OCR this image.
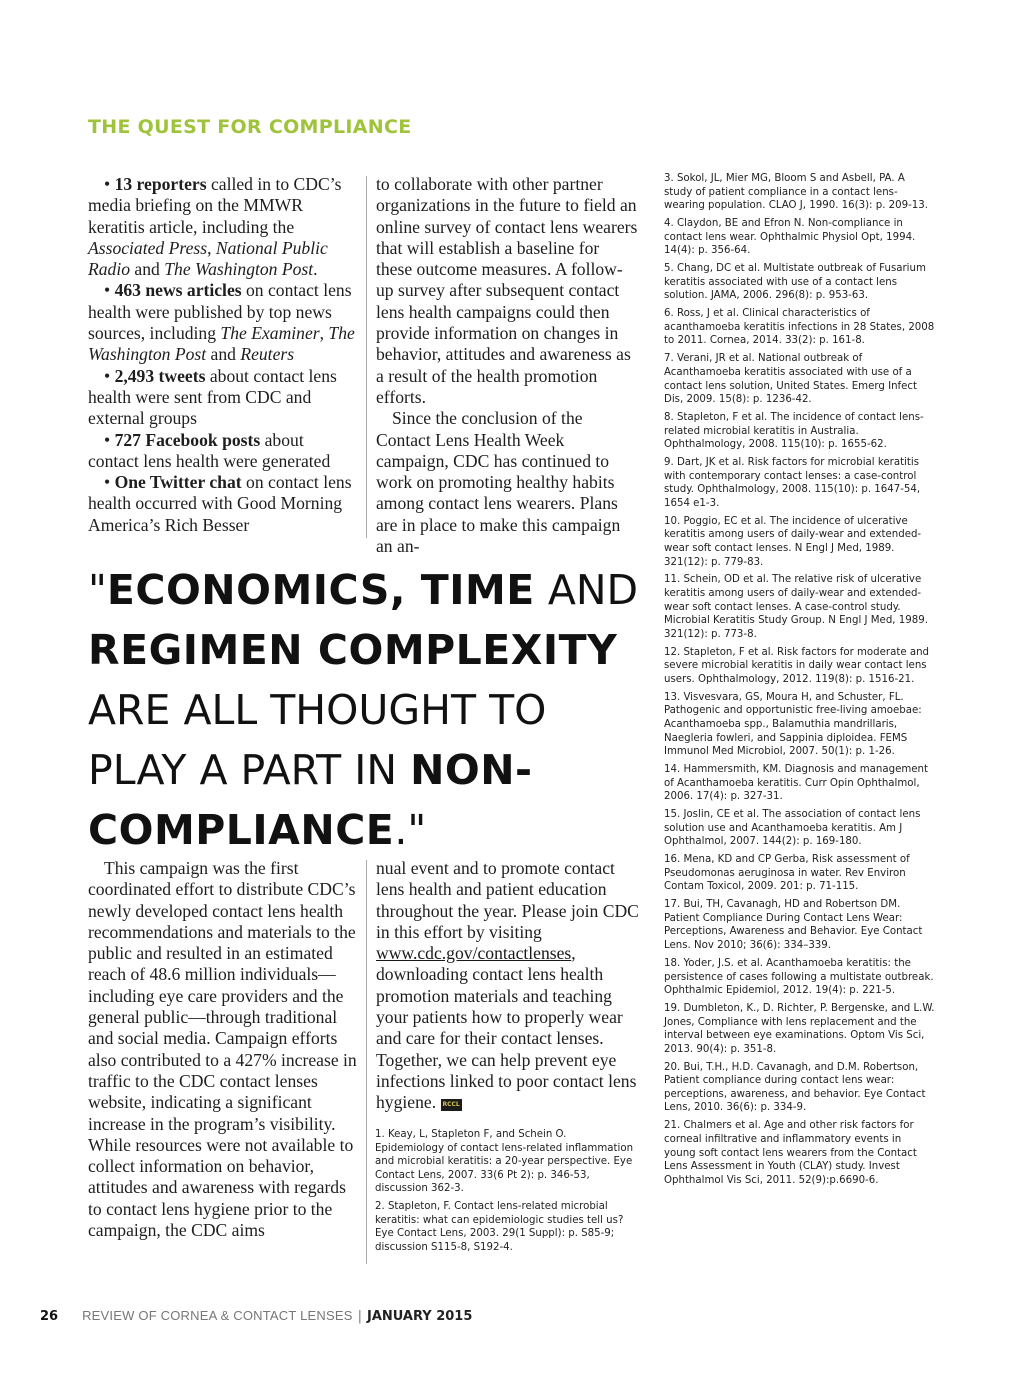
THE QUEST FOR COMPLIANCE

• 13 reporters called in to CDC’s media briefing on the MMWR keratitis article, including the Associated Press, National Public Radio and The Washington Post.

• 463 news articles on contact lens health were published by top news sources, including The Examiner, The Washington Post and Reuters

• 2,493 tweets about contact lens health were sent from CDC and external groups

• 727 Facebook posts about contact lens health were generated

• One Twitter chat on contact lens health occurred with Good Morning America’s Rich Besser

to collaborate with other partner organizations in the future to field an online survey of contact lens wearers that will establish a baseline for these outcome measures. A follow-up survey after subsequent contact lens health campaigns could then provide information on changes in behavior, attitudes and awareness as a result of the health promotion efforts.

Since the conclusion of the Contact Lens Health Week campaign, CDC has continued to work on promoting healthy habits among contact lens wearers. Plans are in place to make this campaign an an-

"ECONOMICS, TIME AND REGIMEN COMPLEXITY ARE ALL THOUGHT TO PLAY A PART IN NON-COMPLIANCE."

This campaign was the first coordinated effort to distribute CDC’s newly developed contact lens health recommendations and materials to the public and resulted in an estimated reach of 48.6 million individuals—including eye care providers and the general public—through traditional and social media. Campaign efforts also contributed to a 427% increase in traffic to the CDC contact lenses website, indicating a significant increase in the program’s visibility. While resources were not available to collect information on behavior, attitudes and awareness with regards to contact lens hygiene prior to the campaign, the CDC aims

nual event and to promote contact lens health and patient education throughout the year. Please join CDC in this effort by visiting www.cdc.gov/contactlenses, downloading contact lens health promotion materials and teaching your patients how to properly wear and care for their contact lenses. Together, we can help prevent eye infections linked to poor contact lens hygiene. RCCL

1. Keay, L, Stapleton F, and Schein O. Epidemiology of contact lens-related inflammation and microbial keratitis: a 20-year perspective. Eye Contact Lens, 2007. 33(6 Pt 2): p. 346-53, discussion 362-3.

2. Stapleton, F. Contact lens-related microbial keratitis: what can epidemiologic studies tell us? Eye Contact Lens, 2003. 29(1 Suppl): p. S85-9; discussion S115-8, S192-4.

3. Sokol, JL, Mier MG, Bloom S and Asbell, PA. A study of patient compliance in a contact lens-wearing population. CLAO J, 1990. 16(3): p. 209-13.

4. Claydon, BE and Efron N. Non-compliance in contact lens wear. Ophthalmic Physiol Opt, 1994. 14(4): p. 356-64.

5. Chang, DC et al. Multistate outbreak of Fusarium keratitis associated with use of a contact lens solution. JAMA, 2006. 296(8): p. 953-63.

6. Ross, J et al. Clinical characteristics of acanthamoeba keratitis infections in 28 States, 2008 to 2011. Cornea, 2014. 33(2): p. 161-8.

7. Verani, JR et al. National outbreak of Acanthamoeba keratitis associated with use of a contact lens solution, United States. Emerg Infect Dis, 2009. 15(8): p. 1236-42.

8. Stapleton, F et al. The incidence of contact lens-related microbial keratitis in Australia. Ophthalmology, 2008. 115(10): p. 1655-62.

9. Dart, JK et al. Risk factors for microbial keratitis with contemporary contact lenses: a case-control study. Ophthalmology, 2008. 115(10): p. 1647-54, 1654 e1-3.

10. Poggio, EC et al. The incidence of ulcerative keratitis among users of daily-wear and extended-wear soft contact lenses. N Engl J Med, 1989. 321(12): p. 779-83.

11. Schein, OD et al. The relative risk of ulcerative keratitis among users of daily-wear and extended-wear soft contact lenses. A case-control study. Microbial Keratitis Study Group. N Engl J Med, 1989. 321(12): p. 773-8.

12. Stapleton, F et al. Risk factors for moderate and severe microbial keratitis in daily wear contact lens users. Ophthalmology, 2012. 119(8): p. 1516-21.

13. Visvesvara, GS, Moura H, and Schuster, FL. Pathogenic and opportunistic free-living amoebae: Acanthamoeba spp., Balamuthia mandrillaris, Naegleria fowleri, and Sappinia diploidea. FEMS Immunol Med Microbiol, 2007. 50(1): p. 1-26.

14. Hammersmith, KM. Diagnosis and management of Acanthamoeba keratitis. Curr Opin Ophthalmol, 2006. 17(4): p. 327-31.

15. Joslin, CE et al. The association of contact lens solution use and Acanthamoeba keratitis. Am J Ophthalmol, 2007. 144(2): p. 169-180.

16. Mena, KD and CP Gerba, Risk assessment of Pseudomonas aeruginosa in water. Rev Environ Contam Toxicol, 2009. 201: p. 71-115.

17. Bui, TH, Cavanagh, HD and Robertson DM. Patient Compliance During Contact Lens Wear: Perceptions, Awareness and Behavior. Eye Contact Lens. Nov 2010; 36(6): 334–339.

18. Yoder, J.S. et al. Acanthamoeba keratitis: the persistence of cases following a multistate outbreak. Ophthalmic Epidemiol, 2012. 19(4): p. 221-5.

19. Dumbleton, K., D. Richter, P. Bergenske, and L.W. Jones, Compliance with lens replacement and the interval between eye examinations. Optom Vis Sci, 2013. 90(4): p. 351-8.

20. Bui, T.H., H.D. Cavanagh, and D.M. Robertson, Patient compliance during contact lens wear: perceptions, awareness, and behavior. Eye Contact Lens, 2010. 36(6): p. 334-9.

21. Chalmers et al. Age and other risk factors for corneal infiltrative and inflammatory events in young soft contact lens wearers from the Contact Lens Assessment in Youth (CLAY) study. Invest Ophthalmol Vis Sci, 2011. 52(9):p.6690-6.

26 REVIEW OF CORNEA & CONTACT LENSES | JANUARY 2015
